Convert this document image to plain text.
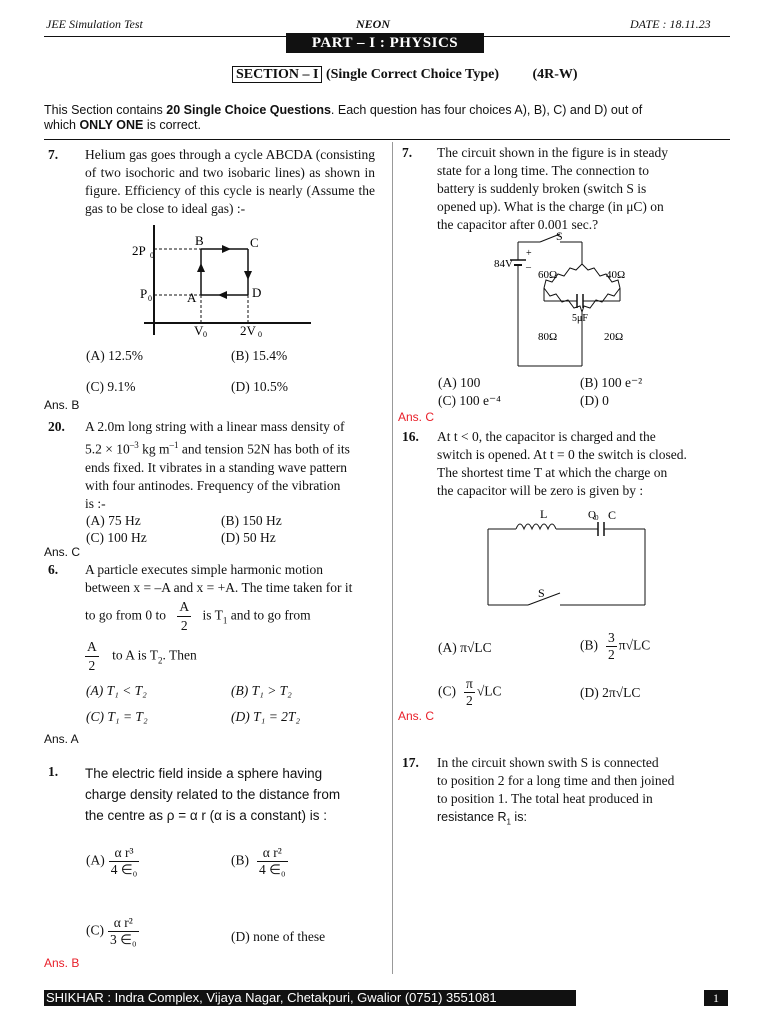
JEE Simulation Test	NEON	DATE : 18.11.23
PART – I : PHYSICS
SECTION – I (Single Correct Choice Type) (4R-W)
This Section contains 20 Single Choice Questions. Each question has four choices A), B), C) and D) out of
which ONLY ONE is correct.
7. Helium gas goes through a cycle ABCDA (consisting of two isochoric and two isobaric lines) as shown in figure. Efficiency of this cycle is nearly (Assume the gas to be close to ideal gas) :-
2P 0
P 0
B	C
A	D
V 0	2V 0
(A) 12.5%	(B) 15.4%
(C) 9.1%	(D) 10.5%
Ans. B
20. A 2.0m long string with a linear mass density of
$5.2 \times 10^{-3}$ kg $m^{-1}$ and tension 52N has both of its
ends fixed. It vibrates in a standing wave pattern
with four antinodes. Frequency of the vibration
is :-
(A) 75 Hz	(B) 150 Hz
(C) 100 Hz	(D) 50 Hz
Ans. C
6. A particle executes simple harmonic motion
between x = –A and x = +A. The time taken for it
to go from 0 to $\frac{A}{2}$ is $T_1$ and to go from
$\frac{A}{2}$ to A is $T_2$. Then
(A) T₁ < T₂	(B) T₁ > T₂
(C) T₁ = T₂	(D) T₁ = 2T₂
Ans. A
1. The electric field inside a sphere having
charge density related to the distance from
the centre as ρ = α r (α is a constant) is :
$(A) \frac{\text{α r³}}{\text{4 ∈₀}}$	$(B) \frac{\text{α r²}}{\text{4 ∈₀}}$
$(C) \frac{\text{α r²}}{\text{3 ∈₀}}$	(D) none of these
Ans. B
7. The circuit shown in the figure is in steady
state for a long time. The connection to
battery is suddenly broken (switch S is
opened up). What is the charge (in μC) on
the capacitor after 0.001 sec.?
S
+
–
84V
60Ω	40Ω
5μF
80Ω	20Ω
(A) 100	(B) 100 e⁻²
(C) 100 e⁻⁴	(D) 0
Ans. C
16. At t < 0, the capacitor is charged and the
switch is opened. At t = 0 the switch is closed.
The shortest time T at which the charge on
the capacitor will be zero is given by :
L	Q 0 C
S
(A) π√LC	$(B) \frac{3}{2} \pi√LC$
$(C) \frac{\pi}{2} √LC$	(D) 2π√LC
Ans. C
17. In the circuit shown swith S is connected
to position 2 for a long time and then joined
to position 1. The total heat produced in
resistance $R_1$ is:
SHIKHAR : Indra Complex, Vijaya Nagar, Chetakpuri, Gwalior (0751) 3551081	1
